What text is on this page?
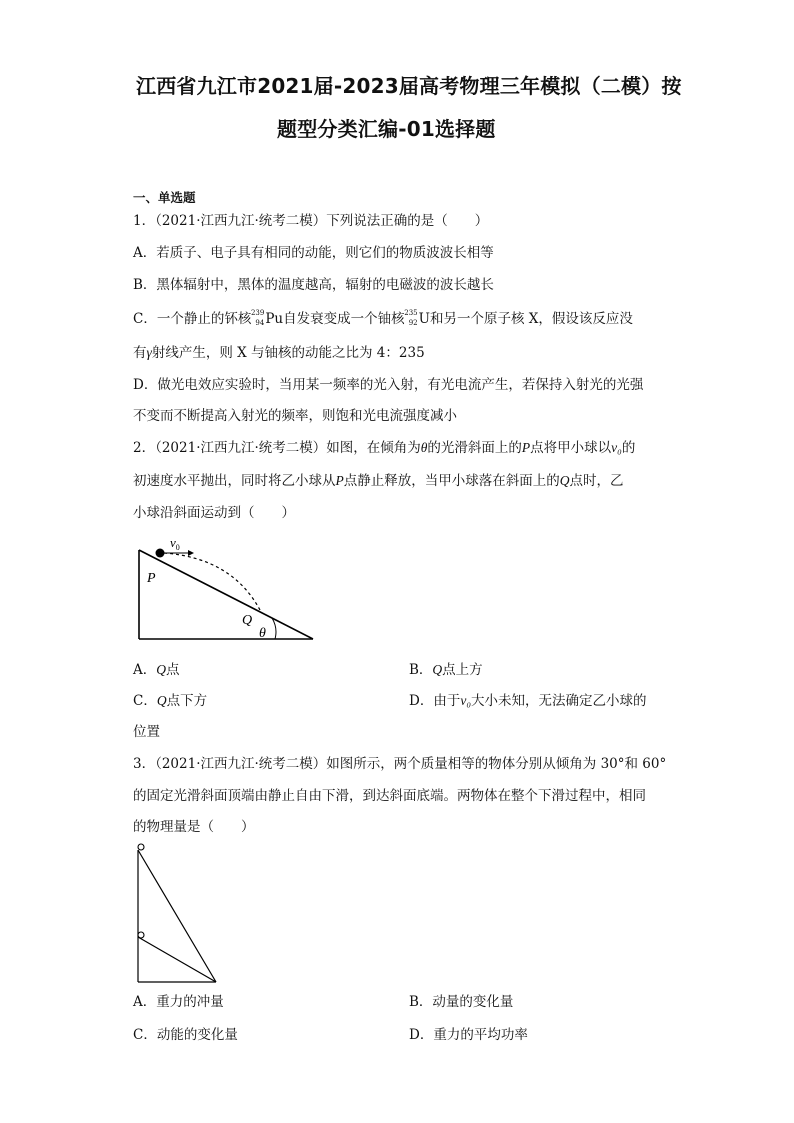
江西省九江市2021届-2023届高考物理三年模拟（二模）按
题型分类汇编-01选择题
一、单选题
1．（2021·江西九江·统考二模）下列说法正确的是（　　）
A．若质子、电子具有相同的动能，则它们的物质波波长相等
B．黑体辐射中，黑体的温度越高，辐射的电磁波的波长越长
C．一个静止的钚核 239
94 Pu自发衰变成一个铀核 235
92 U和另一个原子核 X，假设该反应没
有γ射线产生，则 X 与铀核的动能之比为 4：235
D．做光电效应实验时，当用某一频率的光入射，有光电流产生，若保持入射光的光强
不变而不断提高入射光的频率，则饱和光电流强度减小
2．（2021·江西九江·统考二模）如图，在倾角为θ的光滑斜面上的P点将甲小球以v₀的
初速度水平抛出，同时将乙小球从P点静止释放，当甲小球落在斜面上的Q点时，乙
小球沿斜面运动到（　　）
$v_0$
P
Q
θ
A．Q点	B．Q点上方
C．Q点下方	D．由于v₀大小未知，无法确定乙小球的
位置
3．（2021·江西九江·统考二模）如图所示，两个质量相等的物体分别从倾角为 30°和 60°
的固定光滑斜面顶端由静止自由下滑，到达斜面底端。两物体在整个下滑过程中，相同
的物理量是（　　）
A．重力的冲量	B．动量的变化量
C．动能的变化量	D．重力的平均功率
